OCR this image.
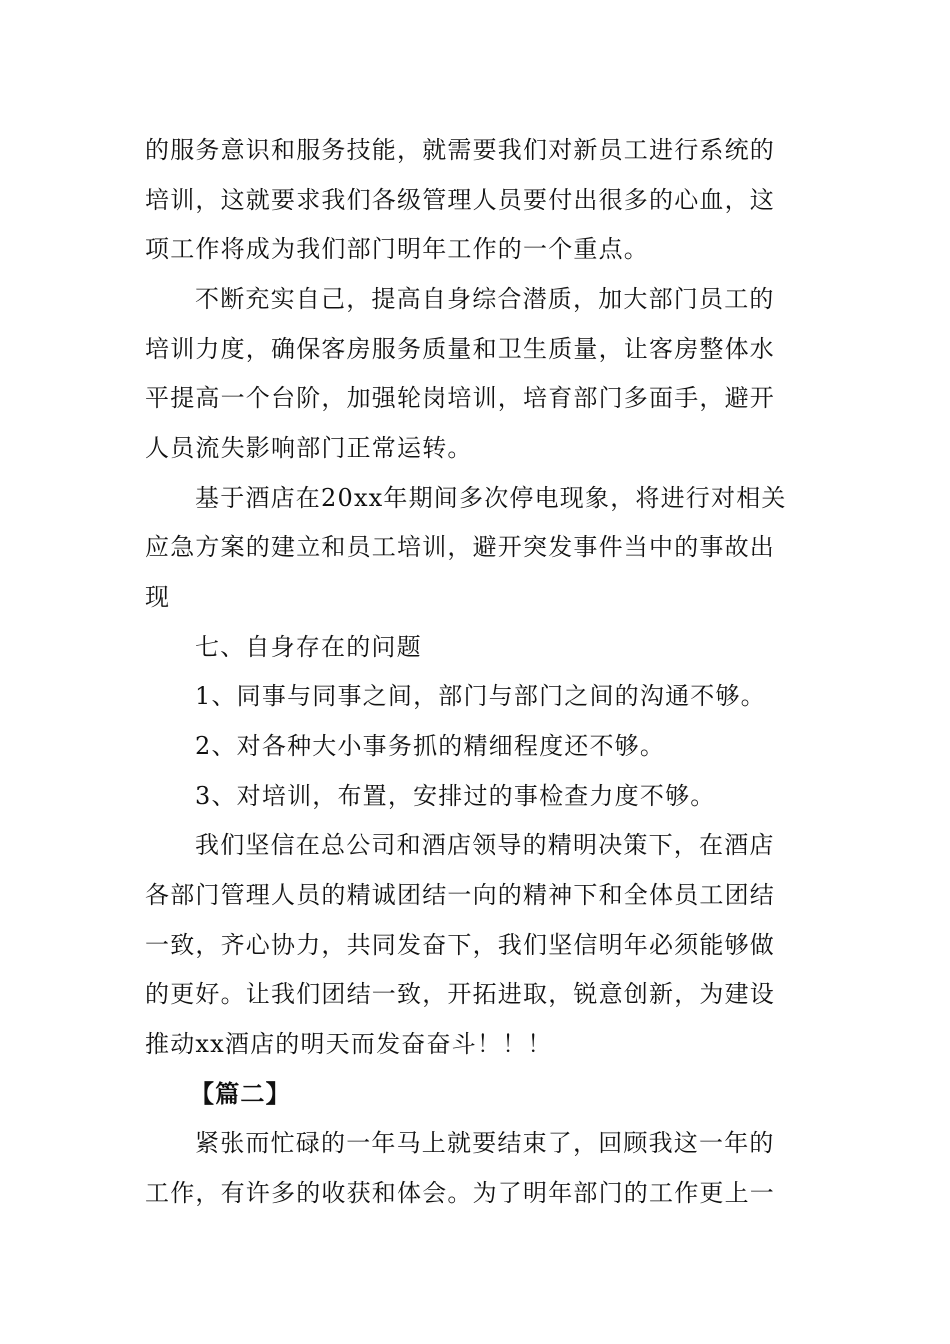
的服务意识和服务技能，就需要我们对新员工进行系统的

培训，这就要求我们各级管理人员要付出很多的心血，这

项工作将成为我们部门明年工作的一个重点。

不断充实自己，提高自身综合潜质，加大部门员工的

培训力度，确保客房服务质量和卫生质量，让客房整体水

平提高一个台阶，加强轮岗培训，培育部门多面手，避开

人员流失影响部门正常运转。

基于酒店在20xx年期间多次停电现象，将进行对相关

应急方案的建立和员工培训，避开突发事件当中的事故出

现

七、自身存在的问题

1、同事与同事之间，部门与部门之间的沟通不够。

2、对各种大小事务抓的精细程度还不够。

3、对培训，布置，安排过的事检查力度不够。

我们坚信在总公司和酒店领导的精明决策下，在酒店

各部门管理人员的精诚团结一向的精神下和全体员工团结

一致，齐心协力，共同发奋下，我们坚信明年必须能够做

的更好。让我们团结一致，开拓进取，锐意创新，为建设

推动xx酒店的明天而发奋奋斗！！！

【篇二】

紧张而忙碌的一年马上就要结束了，回顾我这一年的

工作，有许多的收获和体会。为了明年部门的工作更上一
